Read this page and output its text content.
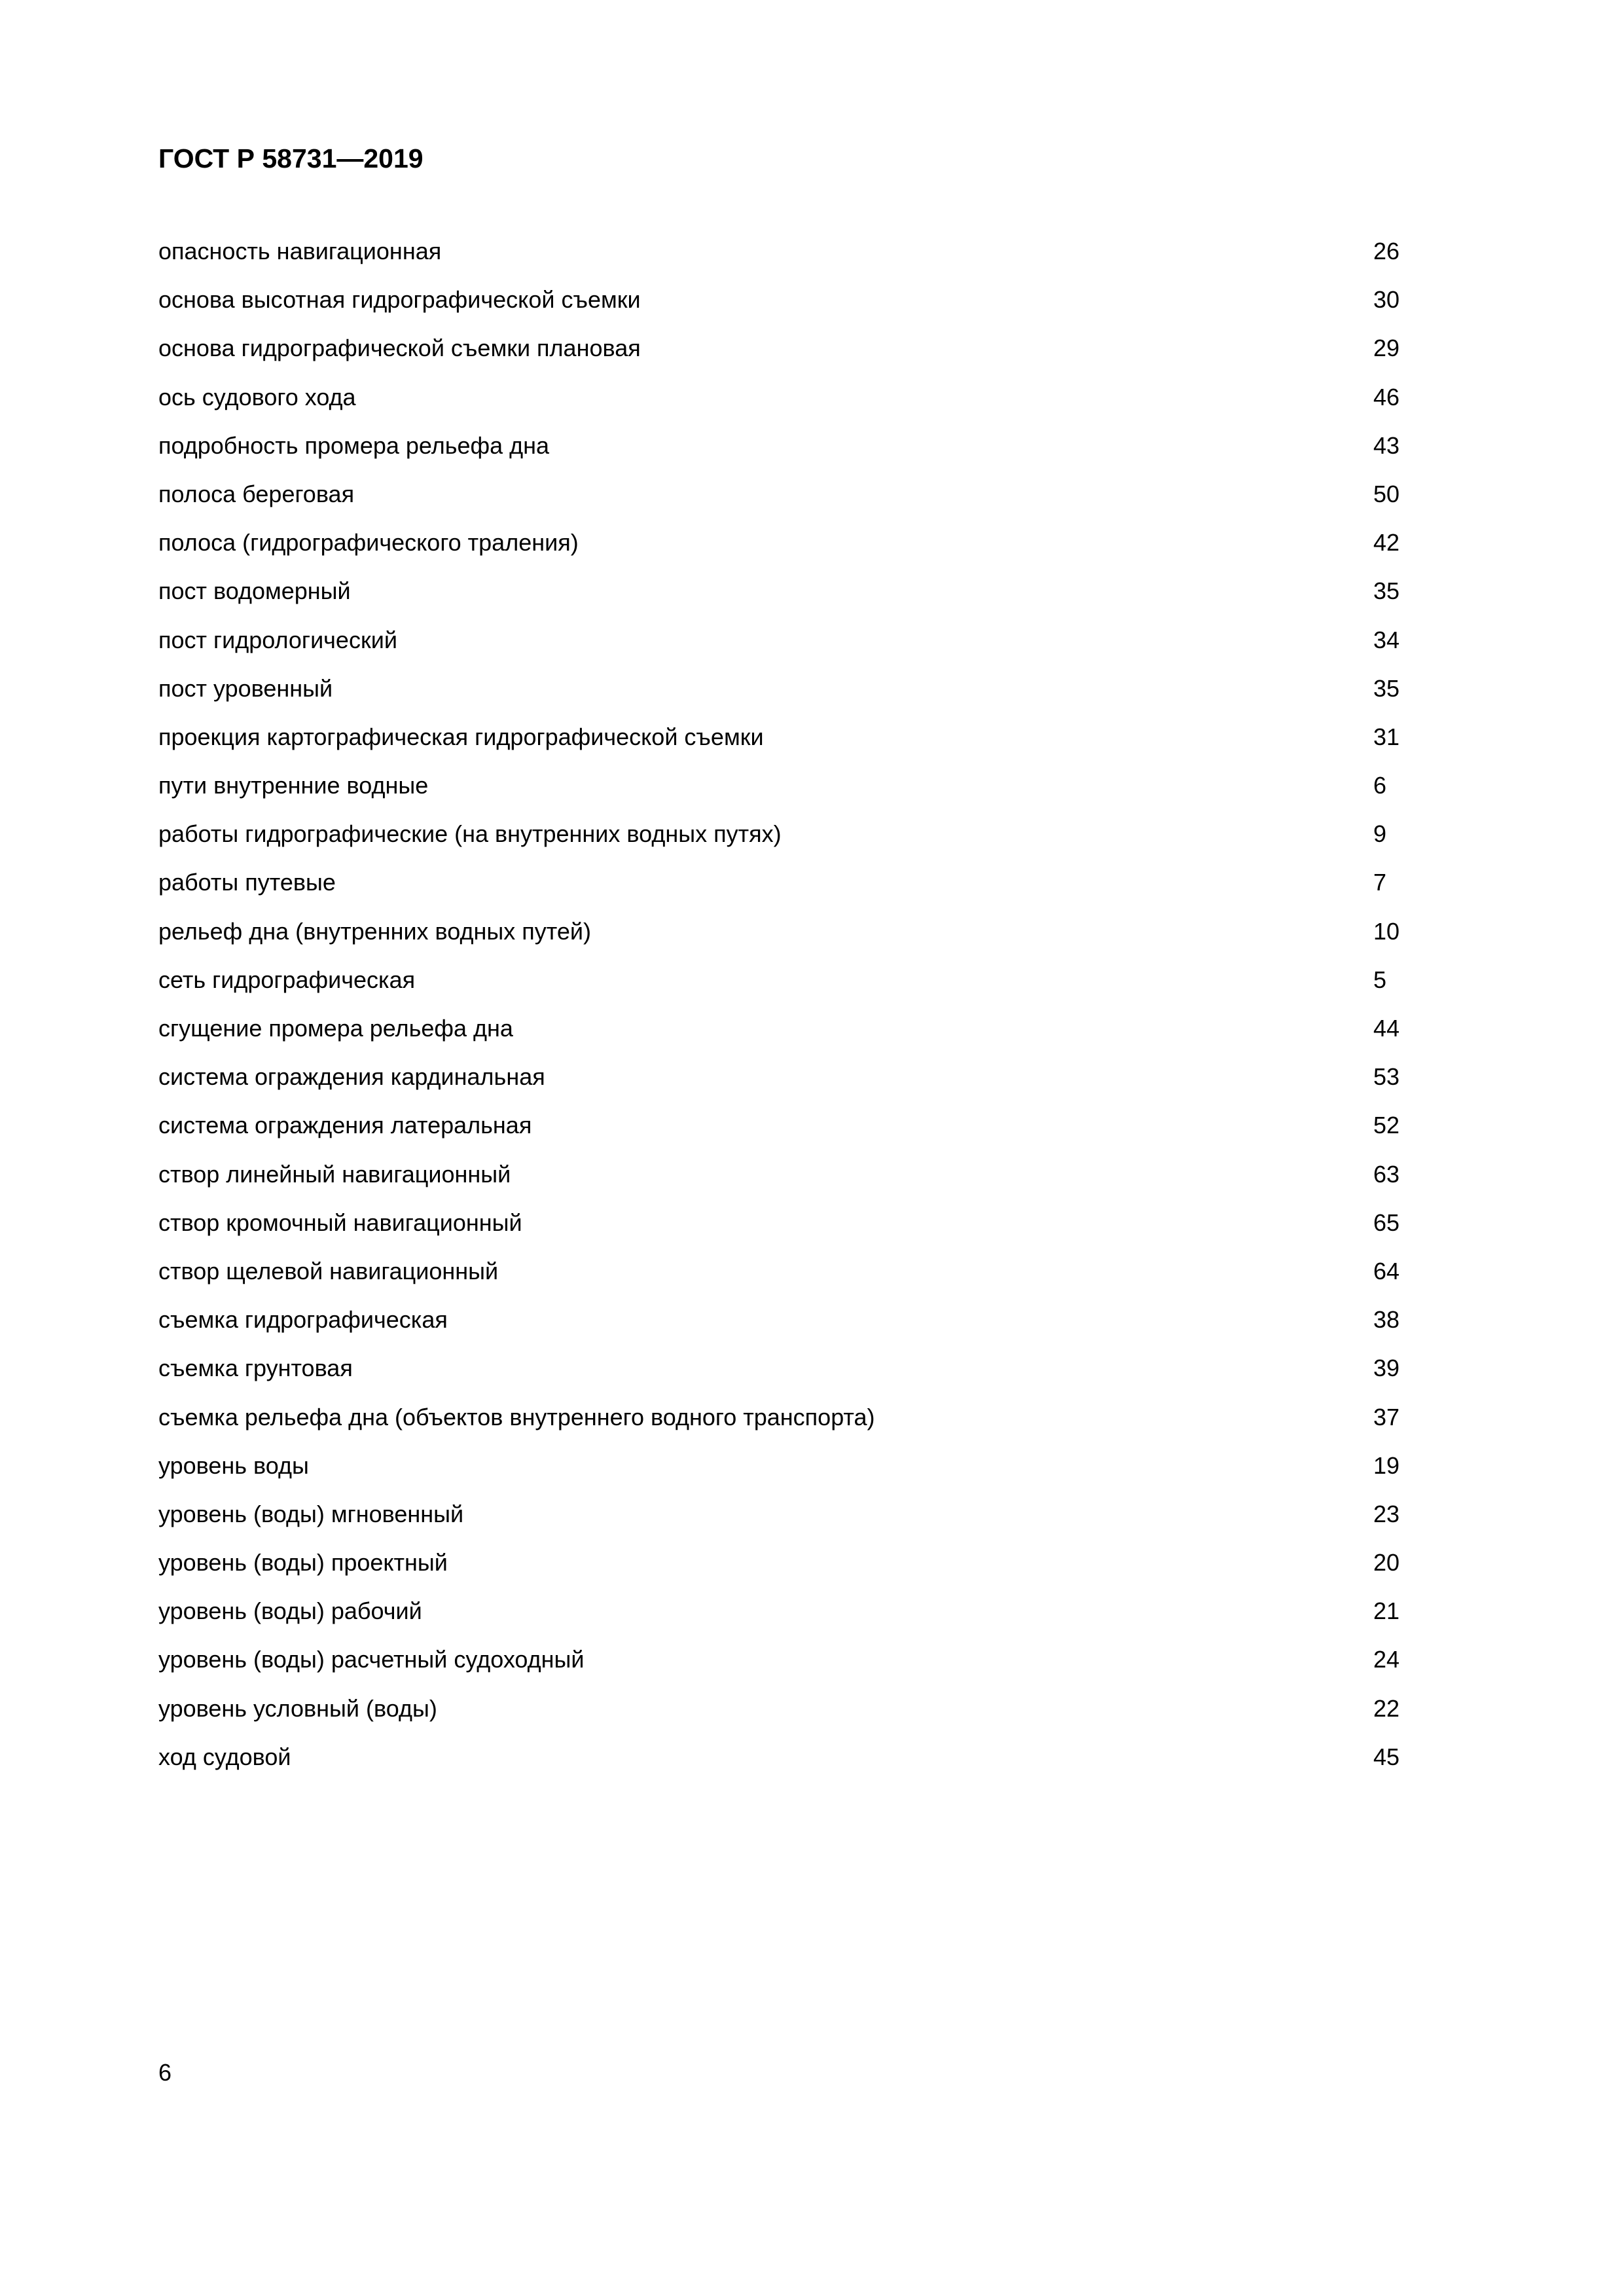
ГОСТ Р 58731—2019
опасность навигационная	26
основа высотная гидрографической съемки	30
основа гидрографической съемки плановая	29
ось судового хода	46
подробность промера рельефа дна	43
полоса береговая	50
полоса (гидрографического траления)	42
пост водомерный	35
пост гидрологический	34
пост уровенный	35
проекция картографическая гидрографической съемки	31
пути внутренние водные	6
работы гидрографические (на внутренних водных путях)	9
работы путевые	7
рельеф дна (внутренних водных путей)	10
сеть гидрографическая	5
сгущение промера рельефа дна	44
система ограждения кардинальная	53
система ограждения латеральная	52
створ линейный навигационный	63
створ кромочный навигационный	65
створ щелевой навигационный	64
съемка гидрографическая	38
съемка грунтовая	39
съемка рельефа дна (объектов внутреннего водного транспорта)	37
уровень воды	19
уровень (воды) мгновенный	23
уровень (воды) проектный	20
уровень (воды) рабочий	21
уровень (воды) расчетный судоходный	24
уровень условный (воды)	22
ход судовой	45
6
